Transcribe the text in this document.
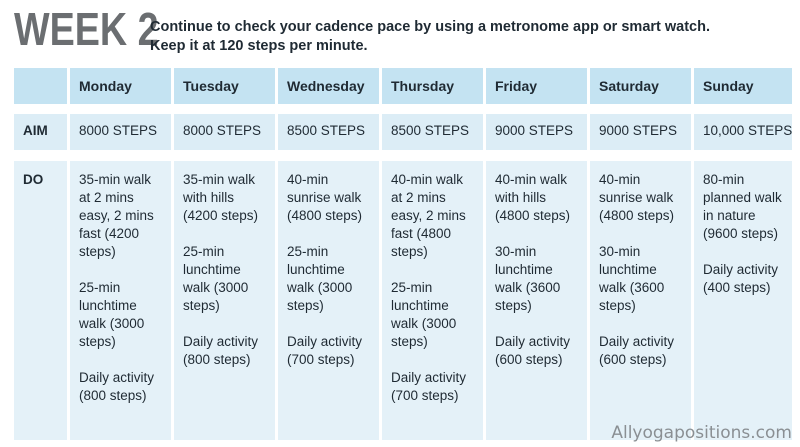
WEEK 2
Continue to check your cadence pace by using a metronome app or smart watch. Keep it at 120 steps per minute.
AIM
DO
Monday
8000 STEPS

35-min walk at 2 mins easy, 2 mins fast (4200 steps)

25-min lunchtime walk (3000 steps)

Daily activity (800 steps)

Tuesday
8000 STEPS

35-min walk with hills (4200 steps)

25-min lunchtime walk (3000 steps)

Daily activity (800 steps)

Wednesday
8500 STEPS

40-min sunrise walk (4800 steps)

25-min lunchtime walk (3000 steps)

Daily activity (700 steps)

Thursday
8500 STEPS

40-min walk at 2 mins easy, 2 mins fast (4800 steps)

25-min lunchtime walk (3000 steps)

Daily activity (700 steps)

Friday
9000 STEPS

40-min walk with hills (4800 steps)

30-min lunchtime walk (3600 steps)

Daily activity (600 steps)

Saturday
9000 STEPS

40-min sunrise walk (4800 steps)

30-min lunchtime walk (3600 steps)

Daily activity (600 steps)

Sunday
10,000 STEPS

80-min planned walk in nature (9600 steps)

Daily activity (400 steps)

Allyogapositions.com
